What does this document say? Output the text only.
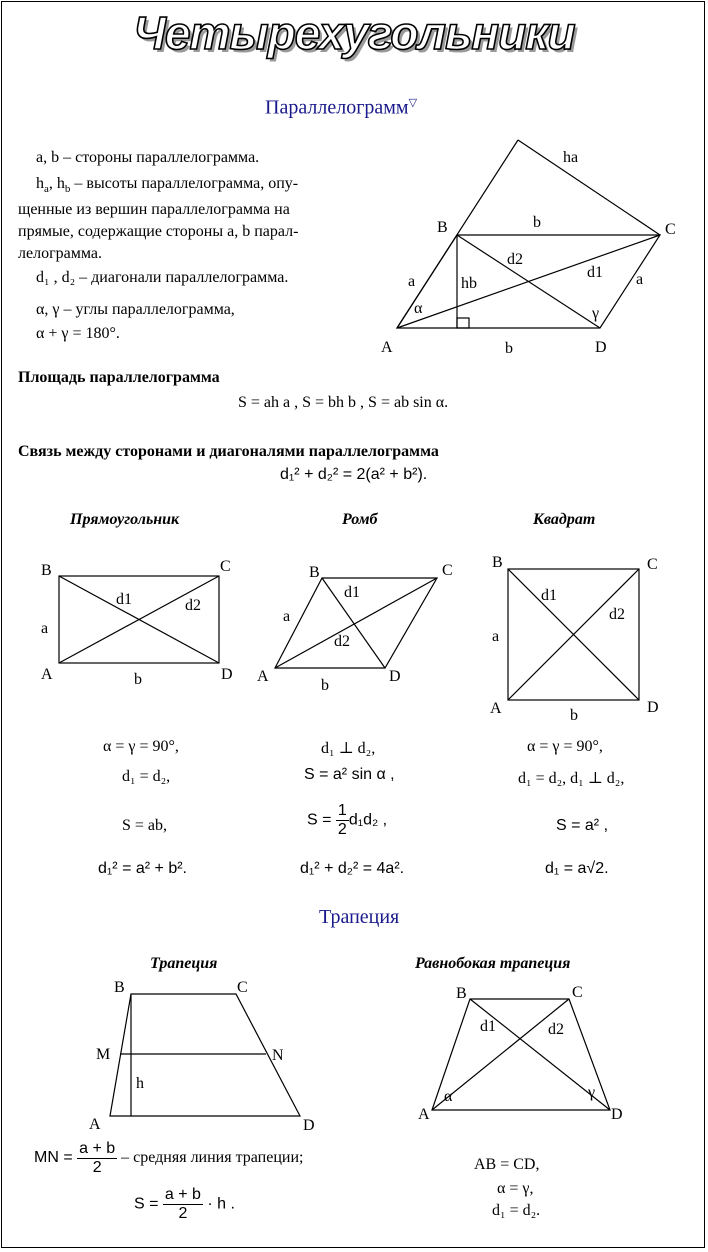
Четырехугольники
Параллелограмм▽
a, b – стороны параллелограмма.
$h_a$, $h_b$ – высоты параллелограмма, опу-
щенные из вершин параллелограмма на
прямые, содержащие стороны a, b парал-
лелограмма.
d₁ , d₂ – диагонали параллелограмма.
α, γ – углы параллелограмма,
α + γ = 180°.
A
B	C
D
a	a
b
b
ha
hb
d2
d1
α	γ
Площадь параллелограмма
S = ah a , S = bh b , S = ab sin α.
Связь между сторонами и диагоналями параллелограмма
d₁² + d₂² = 2(a² + b²).
Прямоугольник	Ромб	Квадрат
B	C
A	D
a
b
d1	d2
B	C
A	D
a
b
d1
d2
B	C
A	D
a
b
d1
d2
α = γ = 90°,
d₁ = d₂,
S = ab,
d₁² = a² + b².
d₁ ⊥ d₂,
S = a² sin α ,
$S = \frac{1}{2} d_1d_2$ ,
d₁² + d₂² = 4a².
α = γ = 90°,
d₁ = d₂, d₁ ⊥ d₂,
S = a² ,
d₁ = a√2.
Трапеция
Трапеция	Равнобокая трапеция
B	C
A	D
M	N
h
B	C
A	D
d1	d2
α	γ
MN = $\frac{a + b}{2}$ – средняя линия трапеции;
$S = \frac{a + b}{2} \cdot h$ .
AB = CD,
α = γ,
d₁ = d₂.
